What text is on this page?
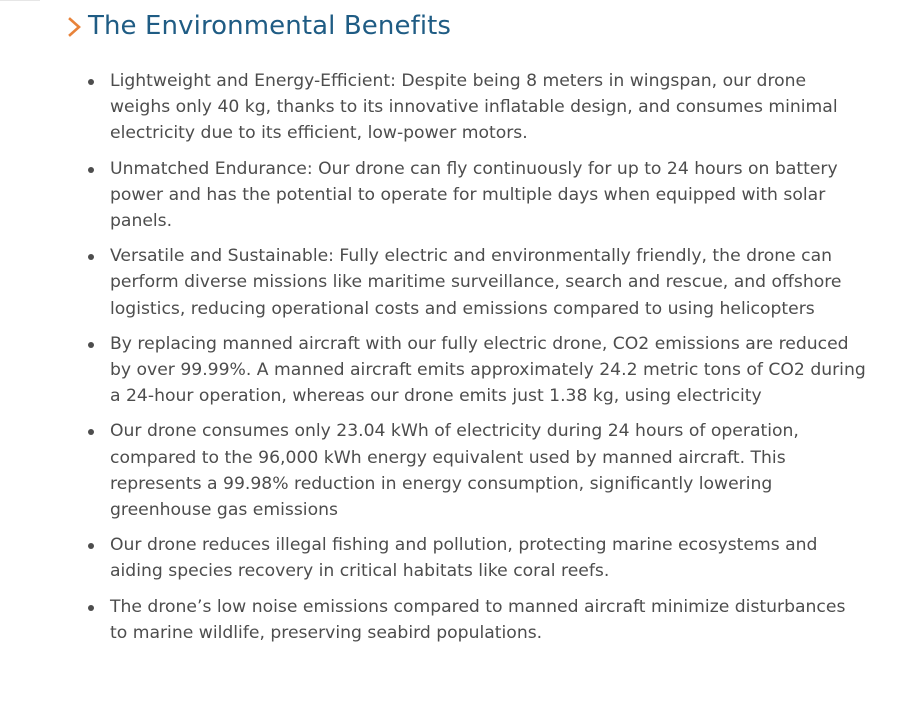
The Environmental Benefits
Lightweight and Energy-Efficient: Despite being 8 meters in wingspan, our drone weighs only 40 kg, thanks to its innovative inflatable design, and consumes minimal electricity due to its efficient, low-power motors.
Unmatched Endurance: Our drone can fly continuously for up to 24 hours on battery power and has the potential to operate for multiple days when equipped with solar panels.
Versatile and Sustainable: Fully electric and environmentally friendly, the drone can perform diverse missions like maritime surveillance, search and rescue, and offshore logistics, reducing operational costs and emissions compared to using helicopters
By replacing manned aircraft with our fully electric drone, CO2 emissions are reduced by over 99.99%. A manned aircraft emits approximately 24.2 metric tons of CO2 during a 24-hour operation, whereas our drone emits just 1.38 kg, using electricity
Our drone consumes only 23.04 kWh of electricity during 24 hours of operation, compared to the 96,000 kWh energy equivalent used by manned aircraft. This represents a 99.98% reduction in energy consumption, significantly lowering greenhouse gas emissions
Our drone reduces illegal fishing and pollution, protecting marine ecosystems and aiding species recovery in critical habitats like coral reefs.
The drone’s low noise emissions compared to manned aircraft minimize disturbances to marine wildlife, preserving seabird populations.
